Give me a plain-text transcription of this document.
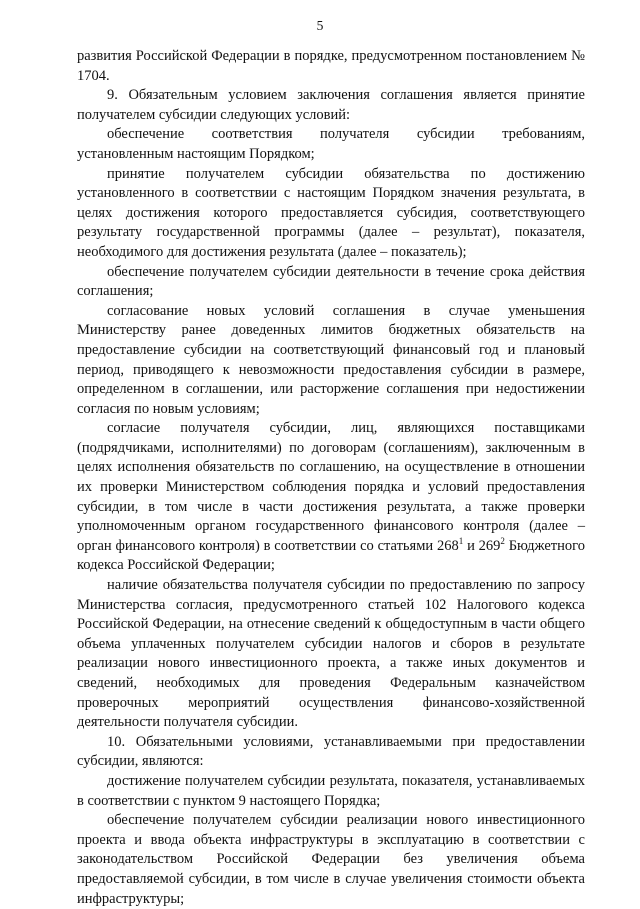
5

развития Российской Федерации в порядке, предусмотренном постановлением № 1704.

9. Обязательным условием заключения соглашения является принятие получателем субсидии следующих условий:

обеспечение соответствия получателя субсидии требованиям, установленным настоящим Порядком;

принятие получателем субсидии обязательства по достижению установленного в соответствии с настоящим Порядком значения результата, в целях достижения которого предоставляется субсидия, соответствующего результату государственной программы (далее – результат), показателя, необходимого для достижения результата (далее – показатель);

обеспечение получателем субсидии деятельности в течение срока действия соглашения;

согласование новых условий соглашения в случае уменьшения Министерству ранее доведенных лимитов бюджетных обязательств на предоставление субсидии на соответствующий финансовый год и плановый период, приводящего к невозможности предоставления субсидии в размере, определенном в соглашении, или расторжение соглашения при недостижении согласия по новым условиям;

согласие получателя субсидии, лиц, являющихся поставщиками (подрядчиками, исполнителями) по договорам (соглашениям), заключенным в целях исполнения обязательств по соглашению, на осуществление в отношении их проверки Министерством соблюдения порядка и условий предоставления субсидии, в том числе в части достижения результата, а также проверки уполномоченным органом государственного финансового контроля (далее – орган финансового контроля) в соответствии со статьями $268^1$ и $269^2$ Бюджетного кодекса Российской Федерации;

наличие обязательства получателя субсидии по предоставлению по запросу Министерства согласия, предусмотренного статьей 102 Налогового кодекса Российской Федерации, на отнесение сведений к общедоступным в части общего объема уплаченных получателем субсидии налогов и сборов в результате реализации нового инвестиционного проекта, а также иных документов и сведений, необходимых для проведения Федеральным казначейством проверочных мероприятий осуществления финансово-хозяйственной деятельности получателя субсидии.

10. Обязательными условиями, устанавливаемыми при предоставлении субсидии, являются:

достижение получателем субсидии результата, показателя, устанавливаемых в соответствии с пунктом 9 настоящего Порядка;

обеспечение получателем субсидии реализации нового инвестиционного проекта и ввода объекта инфраструктуры в эксплуатацию в соответствии с законодательством Российской Федерации без увеличения объема предоставляемой субсидии, в том числе в случае увеличения стоимости объекта инфраструктуры;
